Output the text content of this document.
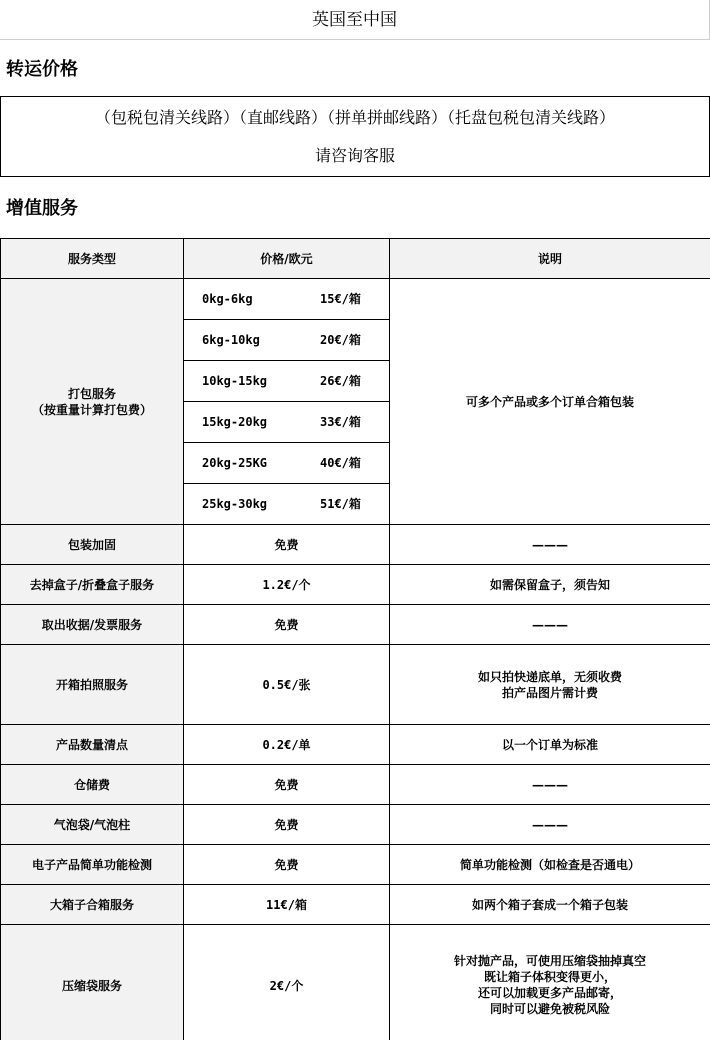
英国至中国
转运价格
（包税包清关线路）（直邮线路）（拼单拼邮线路）（托盘包税包清关线路）
请咨询客服
增值服务
服务类型	价格/欧元	说明

打包服务
（按重量计算打包费）	0kg-6kg 15€/箱	可多个产品或多个订单合箱包装

	6kg-10kg 20€/箱	

	10kg-15kg 26€/箱	

	15kg-20kg 33€/箱	

	20kg-25KG 40€/箱	

	25kg-30kg 51€/箱	

包装加固	免费	———
去掉盒子/折叠盒子服务	1.2€/个	如需保留盒子，须告知
取出收据/发票服务	免费	———
开箱拍照服务	0.5€/张	如只拍快递底单，无须收费
拍产品图片需计费

产品数量清点	0.2€/单	以一个订单为标准
仓储费	免费	———
气泡袋/气泡柱	免费	———
电子产品简单功能检测	免费	简单功能检测（如检查是否通电）
大箱子合箱服务	11€/箱	如两个箱子套成一个箱子包装
压缩袋服务	2€/个	针对抛产品，可使用压缩袋抽掉真空
既让箱子体积变得更小，
还可以加载更多产品邮寄，
同时可以避免被税风险
